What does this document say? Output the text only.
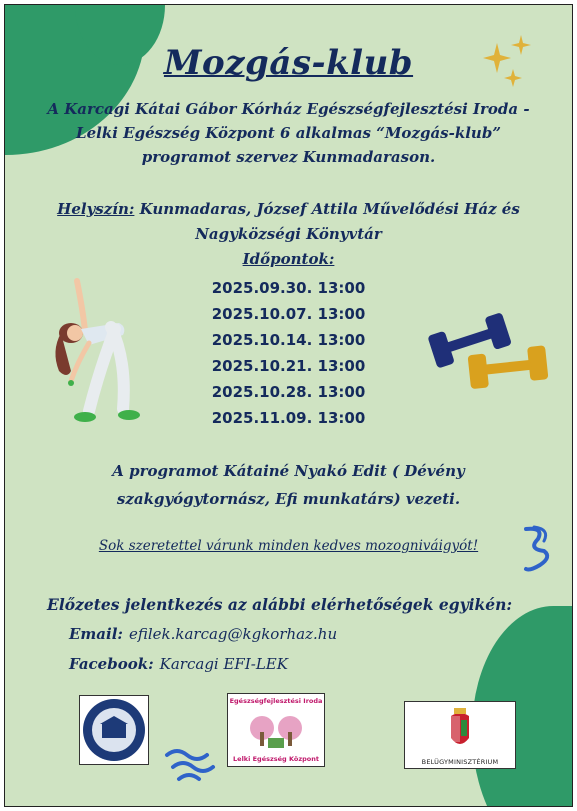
Mozgás-klub
A Karcagi Kátai Gábor Kórház Egészségfejlesztési Iroda - Lelki Egészség Központ 6 alkalmas “Mozgás-klub” programot szervez Kunmadarason.
Helyszín: Kunmadaras, József Attila Művelődési Ház és Nagyközségi Könyvtár
Időpontok:
2025.09.30. 13:00
2025.10.07. 13:00
2025.10.14. 13:00
2025.10.21. 13:00
2025.10.28. 13:00
2025.11.09. 13:00
A programot Kátainé Nyakó Edit ( Dévény szakgyógytornász, Efi munkatárs) vezeti.
Sok szeretettel várunk minden kedves mozogniváigyót!
Előzetes jelentkezés az alábbi elérhetőségek egyikén:
Email: efilek.karcag@kgkorhaz.hu
Facebook: Karcagi EFI-LEK
Egészségfejlesztési Iroda
Lelki Egészség Központ	BELÜGYMINISZTÉRIUM
